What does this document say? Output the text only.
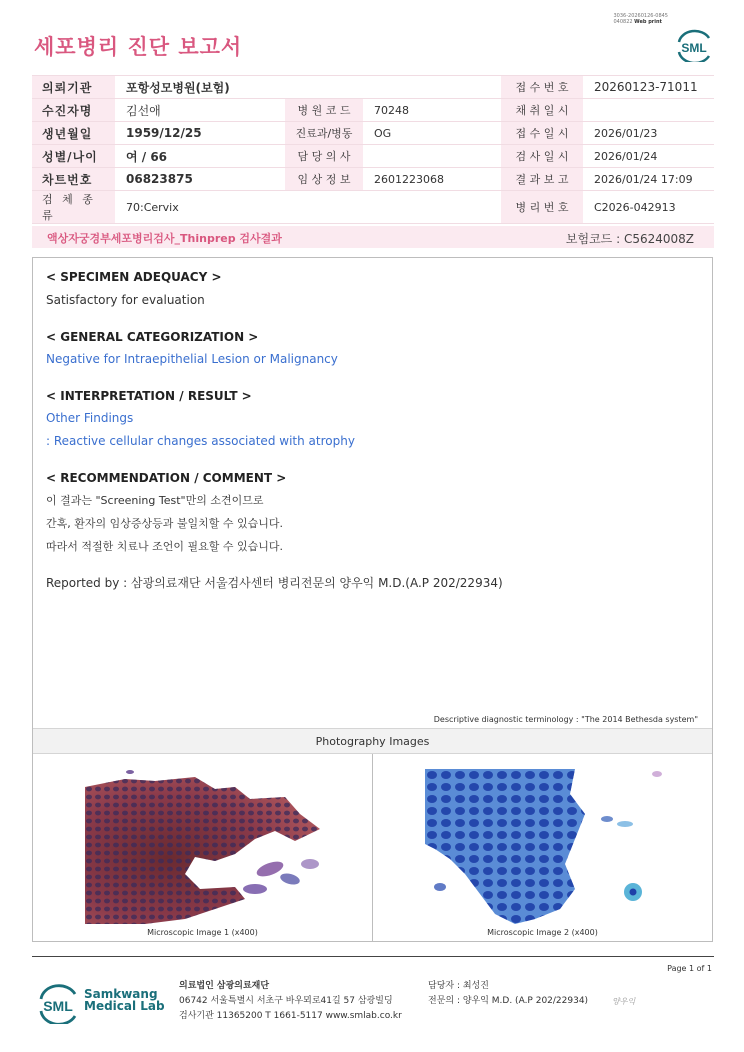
3036-20260126-0845
040822 Web print
세포병리 진단 보고서	SML
의뢰기관	포항성모병원(보험)			접 수 번 호	20260123-71011
수진자명	김선애	병 원 코 드	70248	채 취 일 시	
생년월일	1959/12/25	진료과/병동	OG	접 수 일 시	2026/01/23
성별/나이	여 / 66	담 당 의 사		검 사 일 시	2026/01/24
차트번호	06823875	임 상 정 보	2601223068	결 과 보 고	2026/01/24 17:09
검 체 종 류	70:Cervix			병 리 번 호	C2026-042913
액상자궁경부세포병리검사_Thinprep 검사결과	보험코드 : C5624008Z
< SPECIMEN ADEQUACY >
Satisfactory for evaluation
< GENERAL CATEGORIZATION >
Negative for Intraepithelial Lesion or Malignancy
< INTERPRETATION / RESULT >
Other Findings
: Reactive cellular changes associated with atrophy
< RECOMMENDATION / COMMENT >
이 결과는 "Screening Test"만의 소견이므로
간혹, 환자의 임상증상등과 불일치할 수 있습니다.
따라서 적절한 치료나 조언이 필요할 수 있습니다.
Reported by : 삼광의료재단 서울검사센터 병리전문의 양우익 M.D.(A.P 202/22934)
Descriptive diagnostic terminology : "The 2014 Bethesda system"
Photography Images
Microscopic Image 1 (x400)	Microscopic Image 2 (x400)
Page 1 of 1
SML
Samkwang
Medical Lab
의료법인 삼광의료재단
06742 서울특별시 서초구 바우뫼로41길 57 삼광빌딩
검사기관 11365200 T 1661-5117 www.smlab.co.kr
담당자 : 최성진
전문의 : 양우익 M.D. (A.P 202/22934)	양우익
